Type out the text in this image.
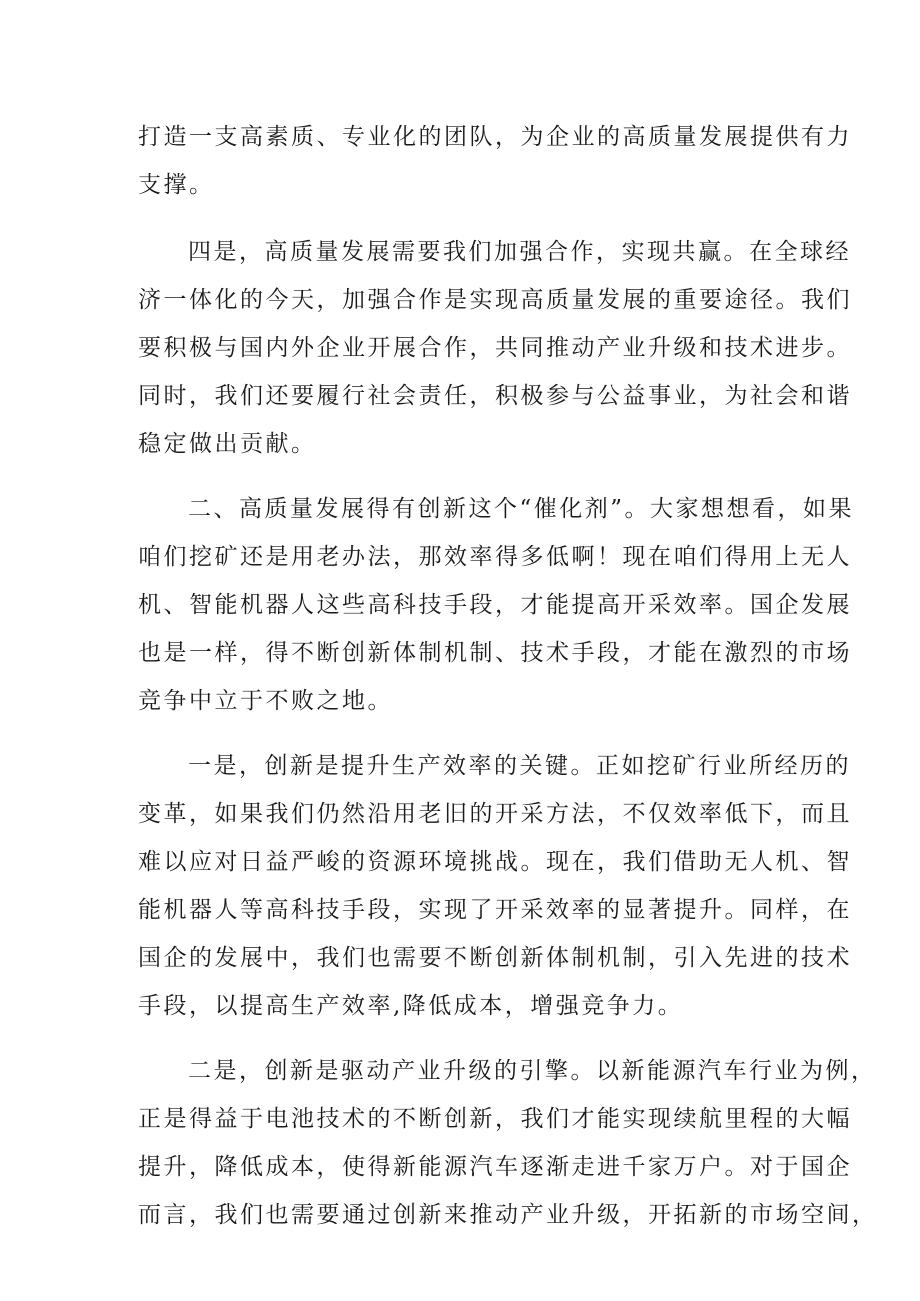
打造一支高素质、专业化的团队，为企业的高质量发展提供有力
支撑。
四是，高质量发展需要我们加强合作，实现共赢。在全球经
济一体化的今天，加强合作是实现高质量发展的重要途径。我们
要积极与国内外企业开展合作，共同推动产业升级和技术进步。
同时，我们还要履行社会责任，积极参与公益事业，为社会和谐
稳定做出贡献。
二、高质量发展得有创新这个“催化剂”。大家想想看，如果
咱们挖矿还是用老办法，那效率得多低啊！现在咱们得用上无人
机、智能机器人这些高科技手段，才能提高开采效率。国企发展
也是一样，得不断创新体制机制、技术手段，才能在激烈的市场
竞争中立于不败之地。
一是，创新是提升生产效率的关键。正如挖矿行业所经历的
变革，如果我们仍然沿用老旧的开采方法，不仅效率低下，而且
难以应对日益严峻的资源环境挑战。现在，我们借助无人机、智
能机器人等高科技手段，实现了开采效率的显著提升。同样，在
国企的发展中，我们也需要不断创新体制机制，引入先进的技术
手段，以提高生产效率,降低成本，增强竞争力。
二是，创新是驱动产业升级的引擎。以新能源汽车行业为例，
正是得益于电池技术的不断创新，我们才能实现续航里程的大幅
提升，降低成本，使得新能源汽车逐渐走进千家万户。对于国企
而言，我们也需要通过创新来推动产业升级，开拓新的市场空间，
